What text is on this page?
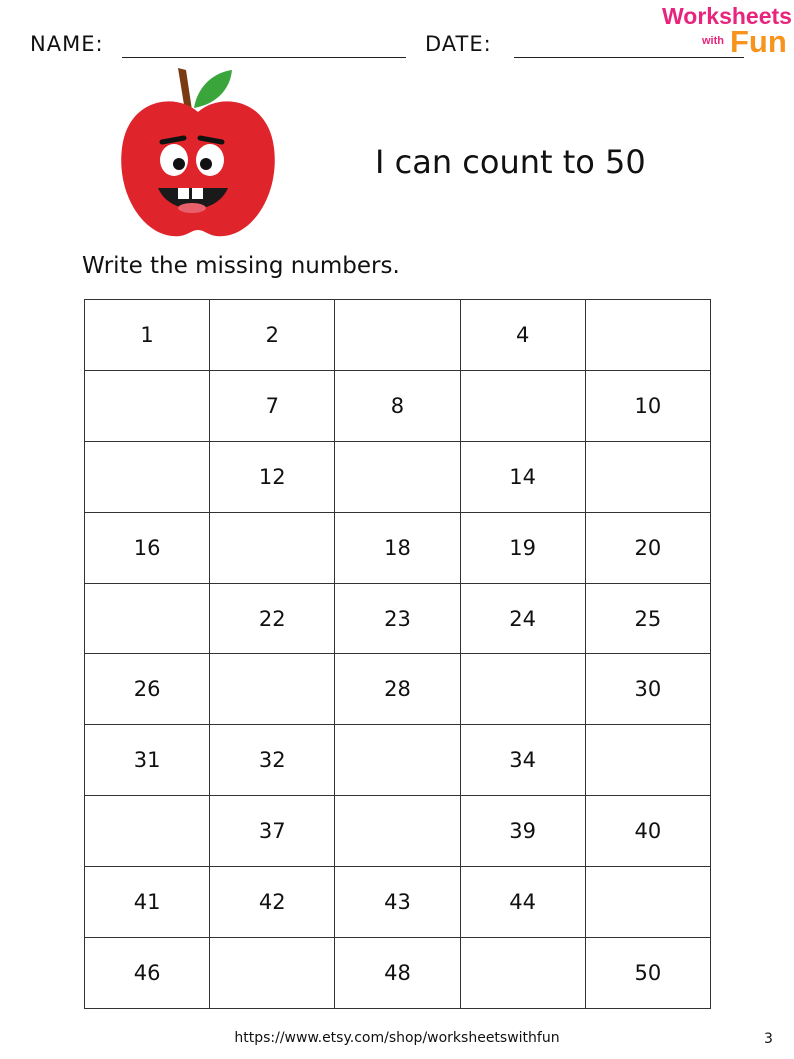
NAME:	DATE:
Worksheets
with Fun
I can count to 50
Write the missing numbers.
1	2		4	
	7	8		10
	12		14	
16		18	19	20
	22	23	24	25
26		28		30
31	32		34	
	37		39	40
41	42	43	44	
46		48		50
https://www.etsy.com/shop/worksheetswithfun	3
